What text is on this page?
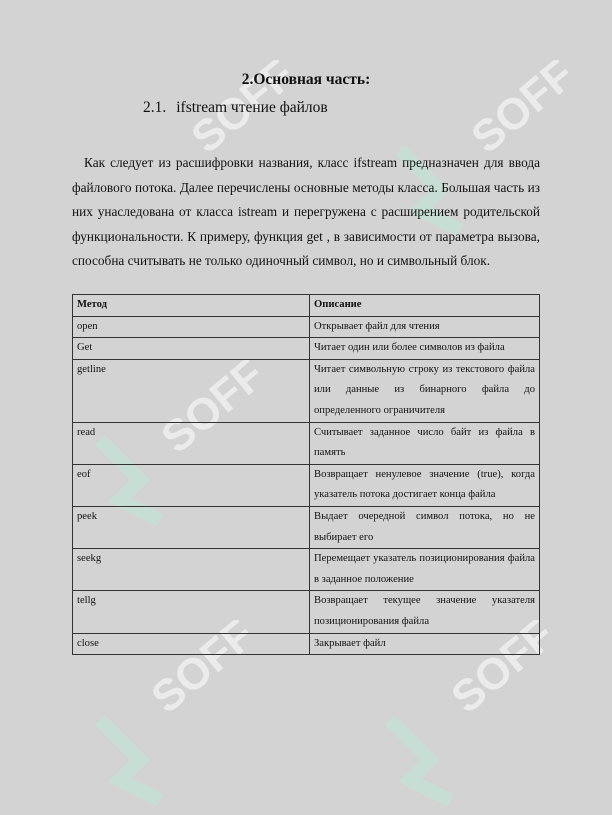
SOFF	SOFF
SOFF
SOFF	SOFF
2.Основная часть:
2.1. ifstream чтение файлов
Как следует из расшифровки названия, класс ifstream предназначен для ввода файлового потока. Далее перечислены основные методы класса. Большая часть из них унаследована от класса istream и перегружена с расширением родительской функциональности. К примеру, функция get , в зависимости от параметра вызова, способна считывать не только одиночный символ, но и символьный блок.
Метод	Описание
open	Открывает файл для чтения
Get	Читает один или более символов из файла
getline	Читает символьную строку из текстового файла или данные из бинарного файла до определенного ограничителя
read	Считывает заданное число байт из файла в память
eof	Возвращает ненулевое значение (true), когда указатель потока достигает конца файла
peek	Выдает очередной символ потока, но не выбирает его
seekg	Перемещает указатель позиционирования файла в заданное положение
tellg	Возвращает текущее значение указателя позиционирования файла
close	Закрывает файл
